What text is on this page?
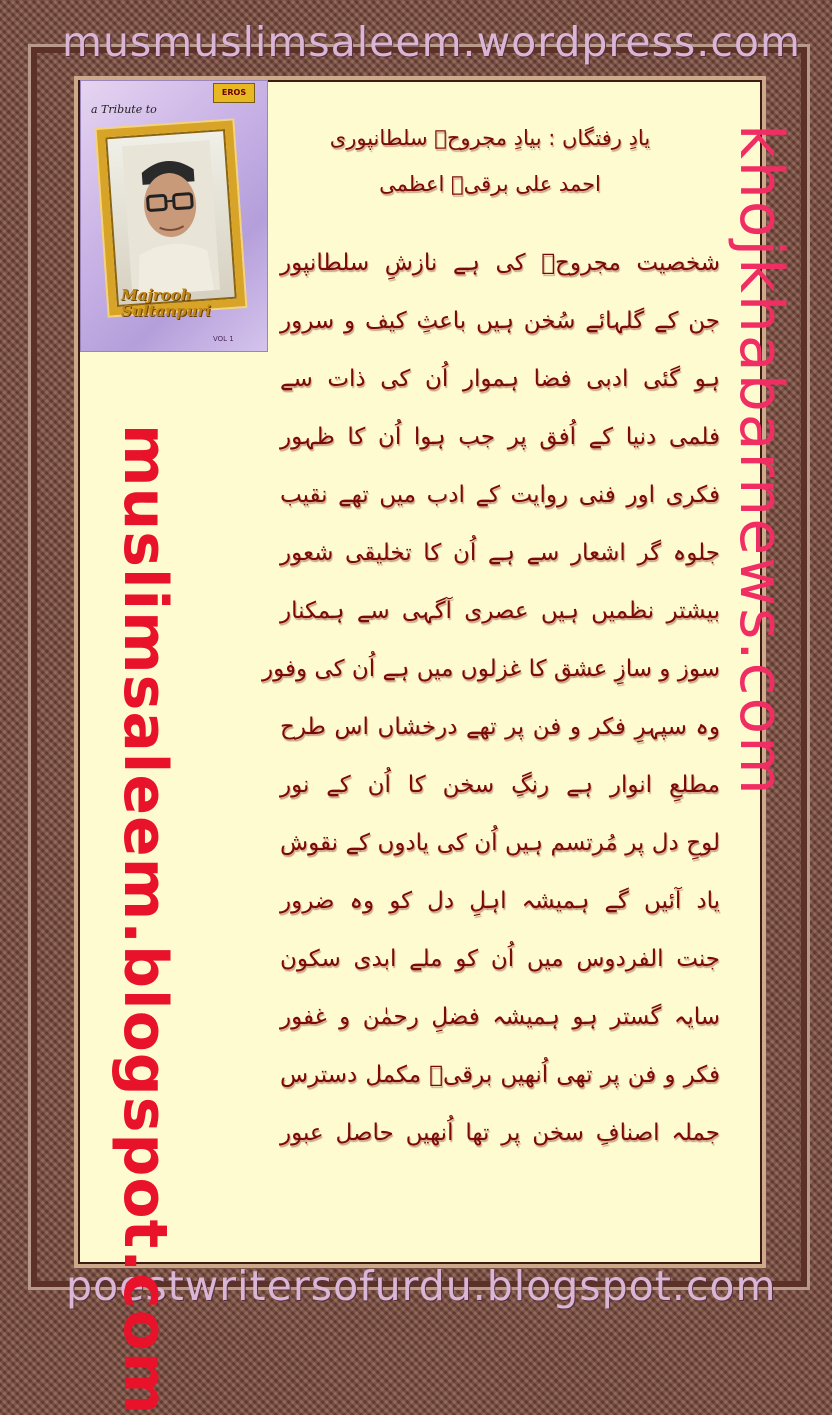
musmuslimsaleem.wordpress.com
poestwritersofurdu.blogspot.com
a Tribute to
EROS
Majrooh
Sultanpuri
VOL 1
یادِ رفتگاں : بیادِ مجروحؔ سلطانپوری
احمد علی برقیؔ اعظمی
شخصیت مجروحؔ کی ہے نازشِ سلطانپور
جن کے گلہائے سُخن ہیں باعثِ کیف و سرور
ہو گئی ادبی فضا ہموار اُن کی ذات سے
فلمی دنیا کے اُفق پر جب ہوا اُن کا ظہور
فکری اور فنی روایت کے ادب میں تھے نقیب
جلوہ گر اشعار سے ہے اُن کا تخلیقی شعور
بیشتر نظمیں ہیں عصری آگہی سے ہمکنار
سوز و سازِ عشق کا غزلوں میں ہے اُن کی وفور
وہ سپہرِ فکر و فن پر تھے درخشاں اس طرح
مطلعِ انوار ہے رنگِ سخن کا اُن کے نور
لوحِ دل پر مُرتسم ہیں اُن کی یادوں کے نقوش
یاد آئیں گے ہمیشہ اہلِ دل کو وہ ضرور
جنت الفردوس میں اُن کو ملے ابدی سکون
سایہ گستر ہو ہمیشہ فضلِ رحمٰن و غفور
فکر و فن پر تھی اُنھیں برقیؔ مکمل دسترس
جملہ اصنافِ سخن پر تھا اُنھیں حاصل عبور
muslimsaleem.blogspot.com	khojkhabarnews.com
